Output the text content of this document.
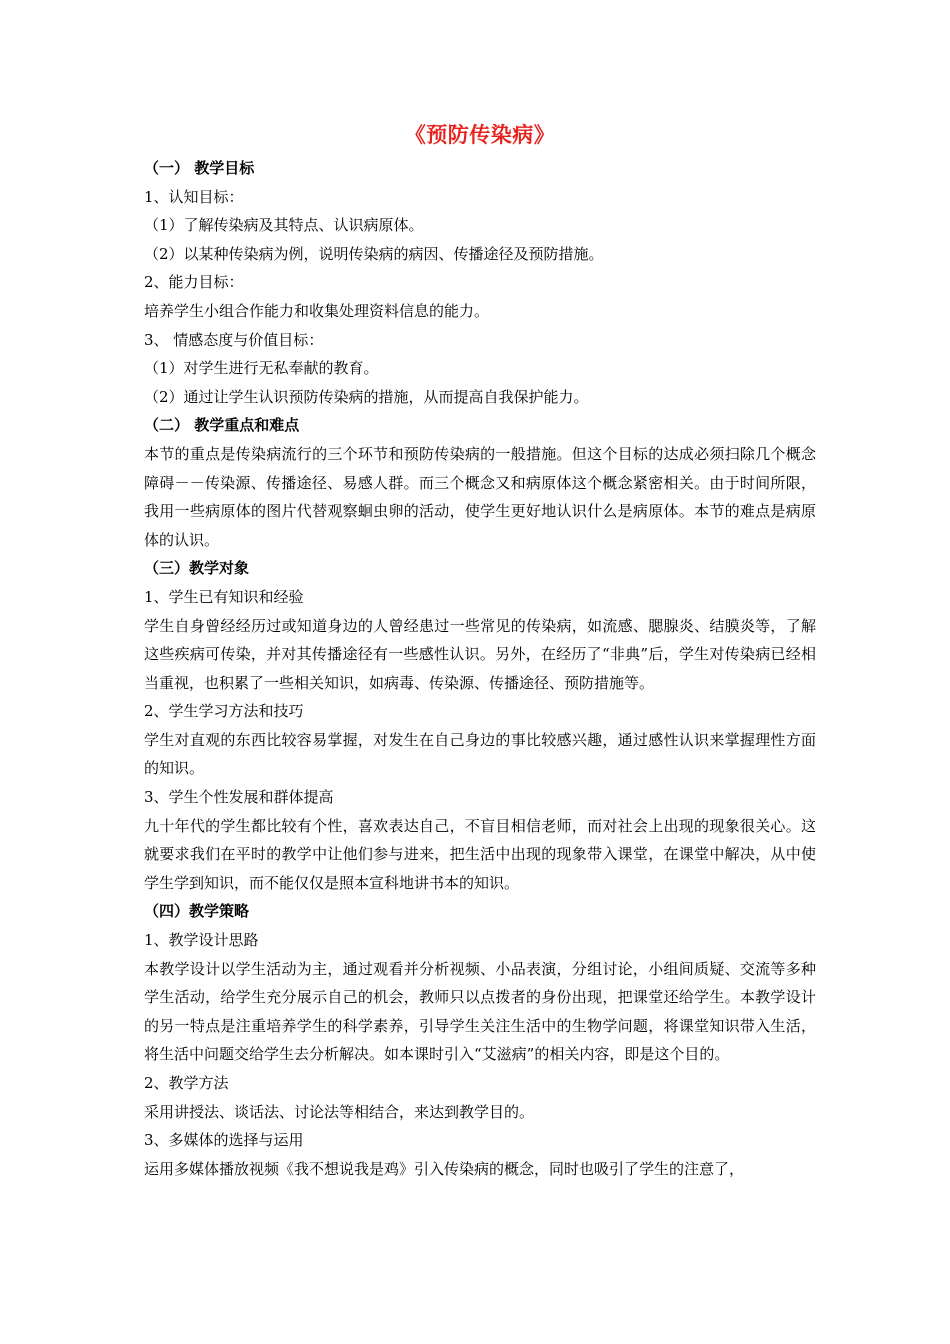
《预防传染病》
（一） 教学目标
1、认知目标：
（1）了解传染病及其特点、认识病原体。
（2）以某种传染病为例，说明传染病的病因、传播途径及预防措施。
2、能力目标：
培养学生小组合作能力和收集处理资料信息的能力。
3、 情感态度与价值目标：
（1）对学生进行无私奉献的教育。
（2）通过让学生认识预防传染病的措施，从而提高自我保护能力。
（二） 教学重点和难点
本节的重点是传染病流行的三个环节和预防传染病的一般措施。但这个目标的达成必须扫除几个概念障碍－－传染源、传播途径、易感人群。而三个概念又和病原体这个概念紧密相关。由于时间所限，我用一些病原体的图片代替观察蛔虫卵的活动，使学生更好地认识什么是病原体。本节的难点是病原体的认识。
（三）教学对象
1、学生已有知识和经验
学生自身曾经经历过或知道身边的人曾经患过一些常见的传染病，如流感、腮腺炎、结膜炎等，了解这些疾病可传染，并对其传播途径有一些感性认识。另外，在经历了“非典”后，学生对传染病已经相当重视，也积累了一些相关知识，如病毒、传染源、传播途径、预防措施等。
2、学生学习方法和技巧
学生对直观的东西比较容易掌握，对发生在自己身边的事比较感兴趣，通过感性认识来掌握理性方面的知识。
3、学生个性发展和群体提高
九十年代的学生都比较有个性，喜欢表达自己，不盲目相信老师，而对社会上出现的现象很关心。这就要求我们在平时的教学中让他们参与进来，把生活中出现的现象带入课堂，在课堂中解决，从中使学生学到知识，而不能仅仅是照本宣科地讲书本的知识。
（四）教学策略
1、教学设计思路
本教学设计以学生活动为主，通过观看并分析视频、小品表演，分组讨论，小组间质疑、交流等多种学生活动，给学生充分展示自己的机会，教师只以点拨者的身份出现，把课堂还给学生。本教学设计的另一特点是注重培养学生的科学素养，引导学生关注生活中的生物学问题，将课堂知识带入生活，将生活中问题交给学生去分析解决。如本课时引入“艾滋病”的相关内容，即是这个目的。
2、教学方法
采用讲授法、谈话法、讨论法等相结合，来达到教学目的。
3、多媒体的选择与运用
运用多媒体播放视频《我不想说我是鸡》引入传染病的概念，同时也吸引了学生的注意了，
